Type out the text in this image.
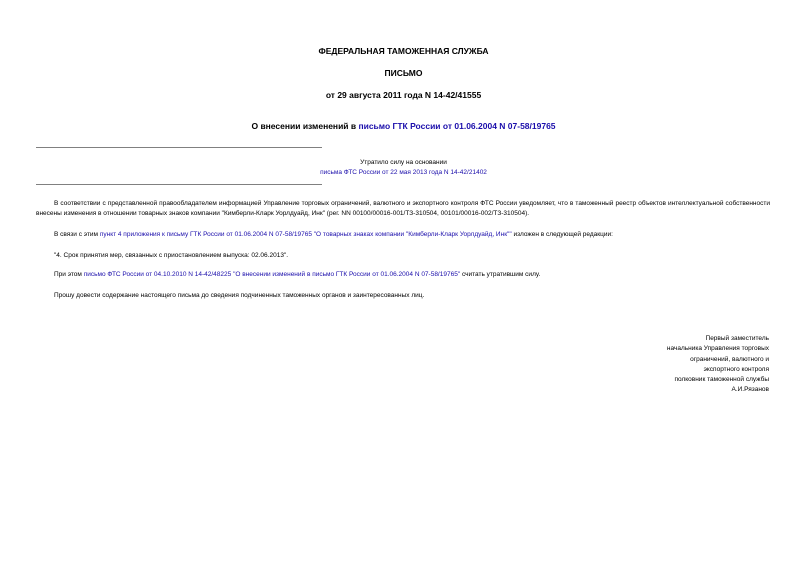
ФЕДЕРАЛЬНАЯ ТАМОЖЕННАЯ СЛУЖБА
ПИСЬМО
от 29 августа 2011 года N 14-42/41555
О внесении изменений в письмо ГТК России от 01.06.2004 N 07-58/19765
Утратило силу на основании
письма ФТС России от 22 мая 2013 года N 14-42/21402
В соответствии с представленной правообладателем информацией Управление торговых ограничений, валютного и экспортного контроля ФТС России уведомляет, что в таможенный реестр объектов интеллектуальной собственности внесены изменения в отношении товарных знаков компании "Кимберли-Кларк Уорлдуайд, Инк" (рег. NN 00100/00016-001/ТЗ-310504, 00101/00016-002/ТЗ-310504).
В связи с этим пункт 4 приложения к письму ГТК России от 01.06.2004 N 07-58/19765 "О товарных знаках компании "Кимберли-Кларк Уорлдуайд, Инк"" изложен в следующей редакции:
"4. Срок принятия мер, связанных с приостановлением выпуска: 02.06.2013".
При этом письмо ФТС России от 04.10.2010 N 14-42/48225 "О внесении изменений в письмо ГТК России от 01.06.2004 N 07-58/19765" считать утратившим силу.
Прошу довести содержание настоящего письма до сведения подчиненных таможенных органов и заинтересованных лиц.
Первый заместитель
начальника Управления торговых
ограничений, валютного и
экспортного контроля
полковник таможенной службы
А.И.Рязанов
